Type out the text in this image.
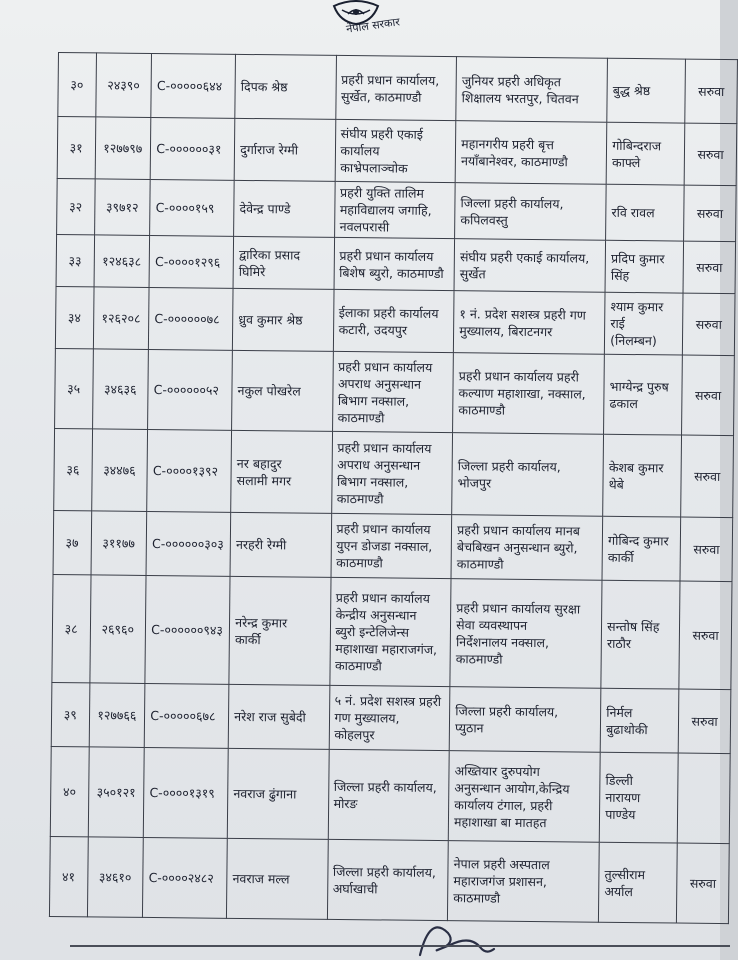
नेपाल सरकार
३०	२४३९०	C-०००००६४४	दिपक श्रेष्ठ	प्रहरी प्रधान कार्यालय,
सुर्खेत, काठमाण्डौ	जुनियर प्रहरी अधिकृत
शिक्षालय भरतपुर, चितवन	बुद्ध श्रेष्ठ	सरुवा
३१	१२७७९७	C-००००००३१	दुर्गाराज रेग्मी	संघीय प्रहरी एकाई
कार्यालय
काभ्रेपलाञ्चोक	महानगरीय प्रहरी बृत्त
नयाँबानेश्वर, काठमाण्डौ	गोबिन्दराज
काफ्ले	सरुवा
३२	३९७१२	C-००००१५९	देवेन्द्र पाण्डे	प्रहरी युक्ति तालिम
महाविद्यालय जगाहि,
नवलपरासी	जिल्ला प्रहरी कार्यालय,
कपिलवस्तु	रवि रावल	सरुवा
३३	१२४६३८	C-००००१२९६	द्वारिका प्रसाद
घिमिरे	प्रहरी प्रधान कार्यालय
बिशेष ब्युरो, काठमाण्डौ	संघीय प्रहरी एकाई कार्यालय,
सुर्खेत	प्रदिप कुमार
सिंह	सरुवा
३४	१२६२०८	C-००००००७८	ध्रुव कुमार श्रेष्ठ	ईलाका प्रहरी कार्यालय
कटारी, उदयपुर	१ नं. प्रदेश सशस्त्र प्रहरी गण
मुख्यालय, बिराटनगर	श्याम कुमार
राई
(निलम्बन)	सरुवा
३५	३४६३६	C-००००००५२	नकुल पोखरेल	प्रहरी प्रधान कार्यालय
अपराध अनुसन्धान
बिभाग नक्साल,
काठमाण्डौ	प्रहरी प्रधान कार्यालय प्रहरी
कल्याण महाशाखा, नक्साल,
काठमाण्डौ	भाग्येन्द्र पुरुष
ढकाल	सरुवा
३६	३४४७६	C-००००१३९२	नर बहादुर
सलामी मगर	प्रहरी प्रधान कार्यालय
अपराध अनुसन्धान
बिभाग नक्साल,
काठमाण्डौ	जिल्ला प्रहरी कार्यालय,
भोजपुर	केशब कुमार
थेबे	सरुवा
३७	३११७७	C-००००००३०३	नरहरी रेग्मी	प्रहरी प्रधान कार्यालय
युएन डोजडा नक्साल,
काठमाण्डौ	प्रहरी प्रधान कार्यालय मानब
बेचबिखन अनुसन्धान ब्युरो,
काठमाण्डौ	गोबिन्द कुमार
कार्की	सरुवा
३८	२६९६०	C-००००००९४३	नरेन्द्र कुमार
कार्की	प्रहरी प्रधान कार्यालय
केन्द्रीय अनुसन्धान
ब्युरो इन्टेलिजेन्स
महाशाखा महाराजगंज,
काठमाण्डौ	प्रहरी प्रधान कार्यालय सुरक्षा
सेवा व्यवस्थापन
निर्देशनालय नक्साल,
काठमाण्डौ	सन्तोष सिंह
राठौर	सरुवा
३९	१२७७६६	C-०००००६७८	नरेश राज सुबेदी	५ नं. प्रदेश सशस्त्र प्रहरी
गण मुख्यालय,
कोहलपुर	जिल्ला प्रहरी कार्यालय,
प्युठान	निर्मल
बुढाथोकी	सरुवा
४०	३५०१२१	C-००००१३१९	नवराज ढुंगाना	जिल्ला प्रहरी कार्यालय,
मोरङ	अख्तियार दुरुपयोग
अनुसन्धान आयोग,केन्द्रिय
कार्यालय टंगाल, प्रहरी
महाशाखा बा मातहत	डिल्ली
नारायण
पाण्डेय	
४१	३४६१०	C-००००२४८२	नवराज मल्ल	जिल्ला प्रहरी कार्यालय,
अर्घाखाची	नेपाल प्रहरी अस्पताल
महाराजगंज प्रशासन,
काठमाण्डौ	तुल्सीराम
अर्याल	सरुवा
